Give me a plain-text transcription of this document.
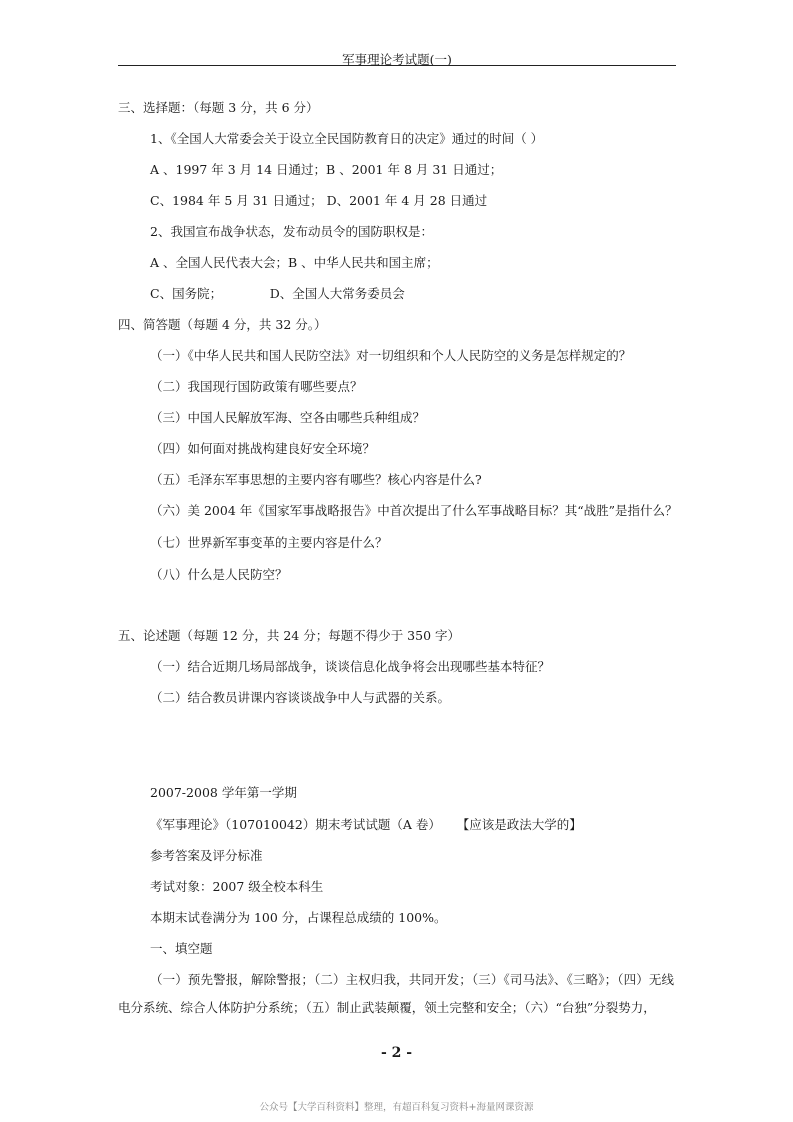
军事理论考试题(一)
三、选择题：（每题 3 分，共 6 分）
1、《全国人大常委会关于设立全民国防教育日的决定》通过的时间（ ）
A 、1997 年 3 月 14 日通过；B 、2001 年 8 月 31 日通过；
C、1984 年 5 月 31 日通过； D、2001 年 4 月 28 日通过
2、我国宣布战争状态，发布动员令的国防职权是：
A 、全国人民代表大会；B 、中华人民共和国主席；
C、国务院；            D、全国人大常务委员会
四、简答题（每题 4 分，共 32 分。）
（一）《中华人民共和国人民防空法》对一切组织和个人人民防空的义务是怎样规定的？
（二）我国现行国防政策有哪些要点？
（三）中国人民解放军海、空各由哪些兵种组成？
（四）如何面对挑战构建良好安全环境？
（五）毛泽东军事思想的主要内容有哪些？核心内容是什么?
（六）美 2004 年《国家军事战略报告》中首次提出了什么军事战略目标？其“战胜”是指什么？
（七）世界新军事变革的主要内容是什么？
（八）什么是人民防空？
五、论述题（每题 12 分，共 24 分；每题不得少于 350 字）
（一）结合近期几场局部战争，谈谈信息化战争将会出现哪些基本特征？
（二）结合教员讲课内容谈谈战争中人与武器的关系。
2007-2008 学年第一学期
《军事理论》（107010042）期末考试试题（A 卷）    【应该是政法大学的】
参考答案及评分标准
考试对象：2007 级全校本科生
本期末试卷满分为 100 分，占课程总成绩的 100%。
一、填空题
（一）预先警报，解除警报；（二）主权归我，共同开发；（三）《司马法》、《三略》；（四）无线电分系统、综合人体防护分系统；（五）制止武装颠覆，领土完整和安全；（六）“台独”分裂势力，
- 2 -
公众号【大学百科资料】整理，有超百科复习资料+海量网课资源
